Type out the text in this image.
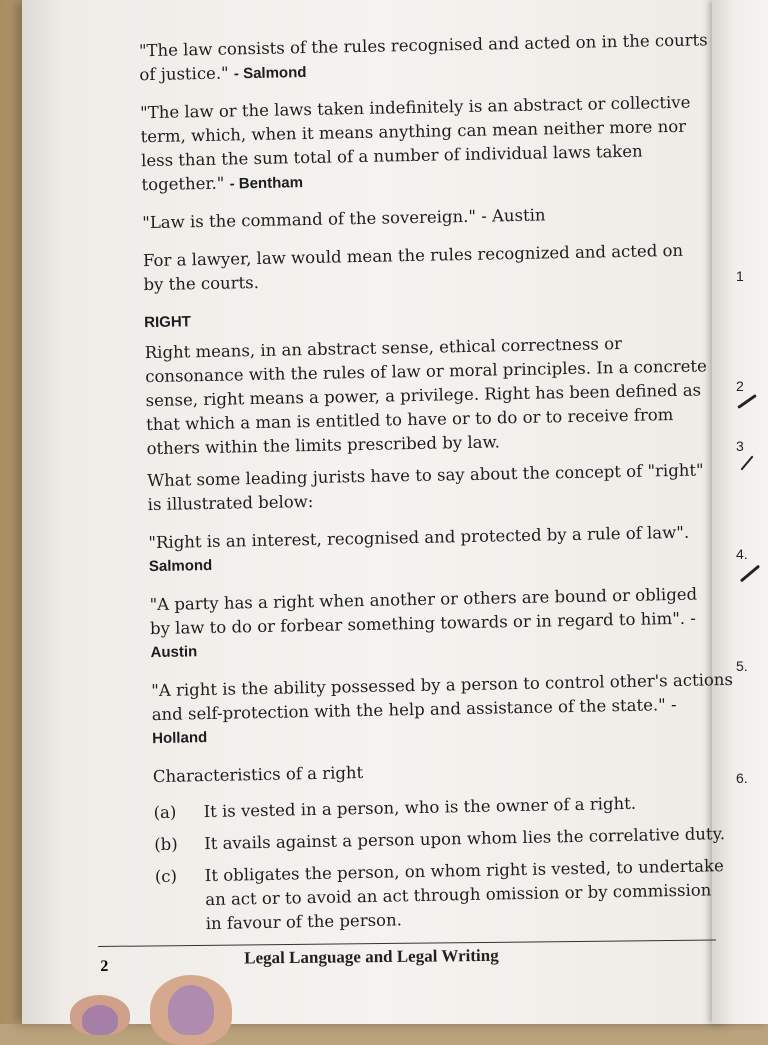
"The law consists of the rules recognised and acted on in the courts
of justice." - Salmond
"The law or the laws taken indefinitely is an abstract or collective
term, which, when it means anything can mean neither more nor
less than the sum total of a number of individual laws taken
together." - Bentham
"Law is the command of the sovereign." - Austin
For a lawyer, law would mean the rules recognized and acted on
by the courts.
RIGHT
Right means, in an abstract sense, ethical correctness or
consonance with the rules of law or moral principles. In a concrete
sense, right means a power, a privilege. Right has been defined as
that which a man is entitled to have or to do or to receive from
others within the limits prescribed by law.
What some leading jurists have to say about the concept of "right"
is illustrated below:
"Right is an interest, recognised and protected by a rule of law".
Salmond
"A party has a right when another or others are bound or obliged
by law to do or forbear something towards or in regard to him". -
Austin
"A right is the ability possessed by a person to control other's actions
and self-protection with the help and assistance of the state." -
Holland
Characteristics of a right
(a) It is vested in a person, who is the owner of a right.
(b) It avails against a person upon whom lies the correlative duty.
(c) It obligates the person, on whom right is vested, to undertake
an act or to avoid an act through omission or by commission
in favour of the person.
2	Legal Language and Legal Writing
1
2
3
4.
5.
6.
